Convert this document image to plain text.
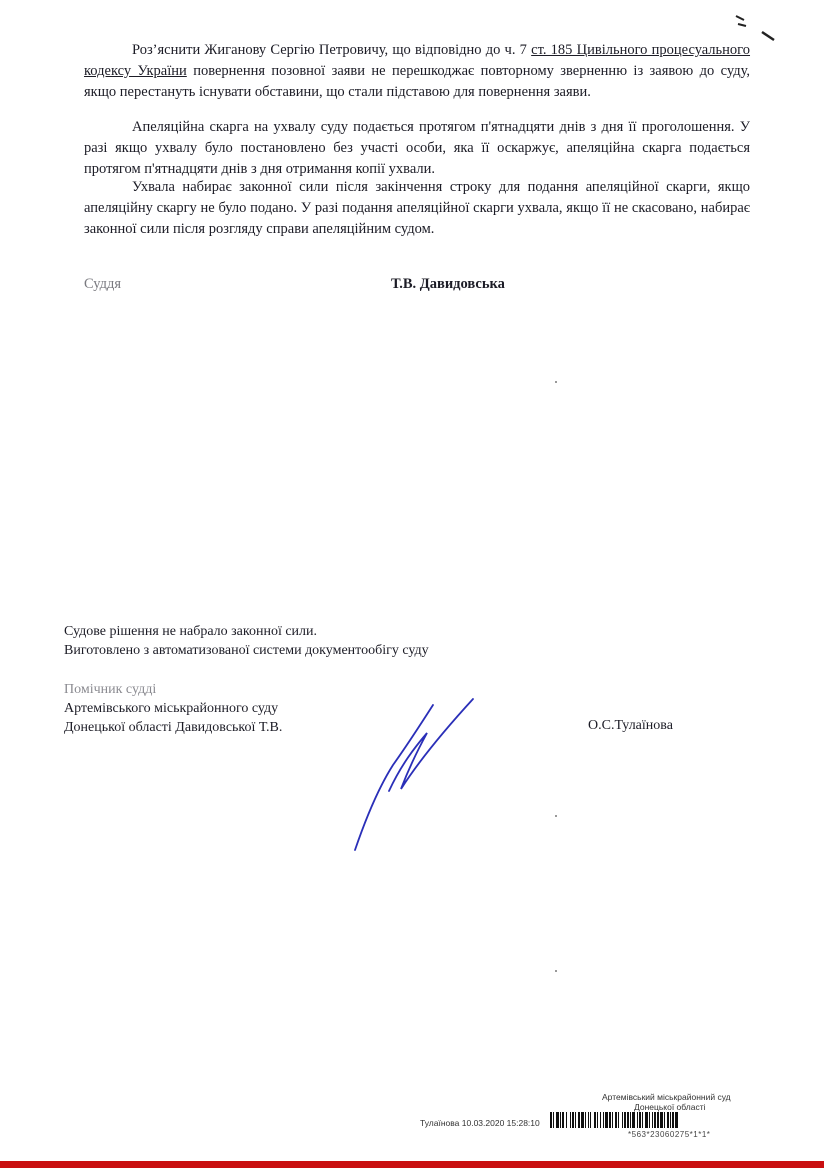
Роз’яснити Жиганову Сергію Петровичу, що відповідно до ч. 7 ст. 185 Цивільного процесуального кодексу України повернення позовної заяви не перешкоджає повторному зверненню із заявою до суду, якщо перестануть існувати обставини, що стали підставою для повернення заяви.

Апеляційна скарга на ухвалу суду подається протягом п'ятнадцяти днів з дня її проголошення. У разі якщо ухвалу було постановлено без участі особи, яка її оскаржує, апеляційна скарга подається протягом п'ятнадцяти днів з дня отримання копії ухвали.

Ухвала набирає законної сили після закінчення строку для подання апеляційної скарги, якщо апеляційну скаргу не було подано. У разі подання апеляційної скарги ухвала, якщо її не скасовано, набирає законної сили після розгляду справи апеляційним судом.

Суддя	Т.В. Давидовська

Судове рішення не набрало законної сили.

Виготовлено з автоматизованої системи документообігу суду

Помічник судді
Артемівського міськрайонного суду
Донецької області Давидовської Т.В.	О.С.Тулаїнова
Артемівський міськрайонний суд
Донецької області
Тулаїнова 10.03.2020 15:28:10
*563*23060275*1*1*
